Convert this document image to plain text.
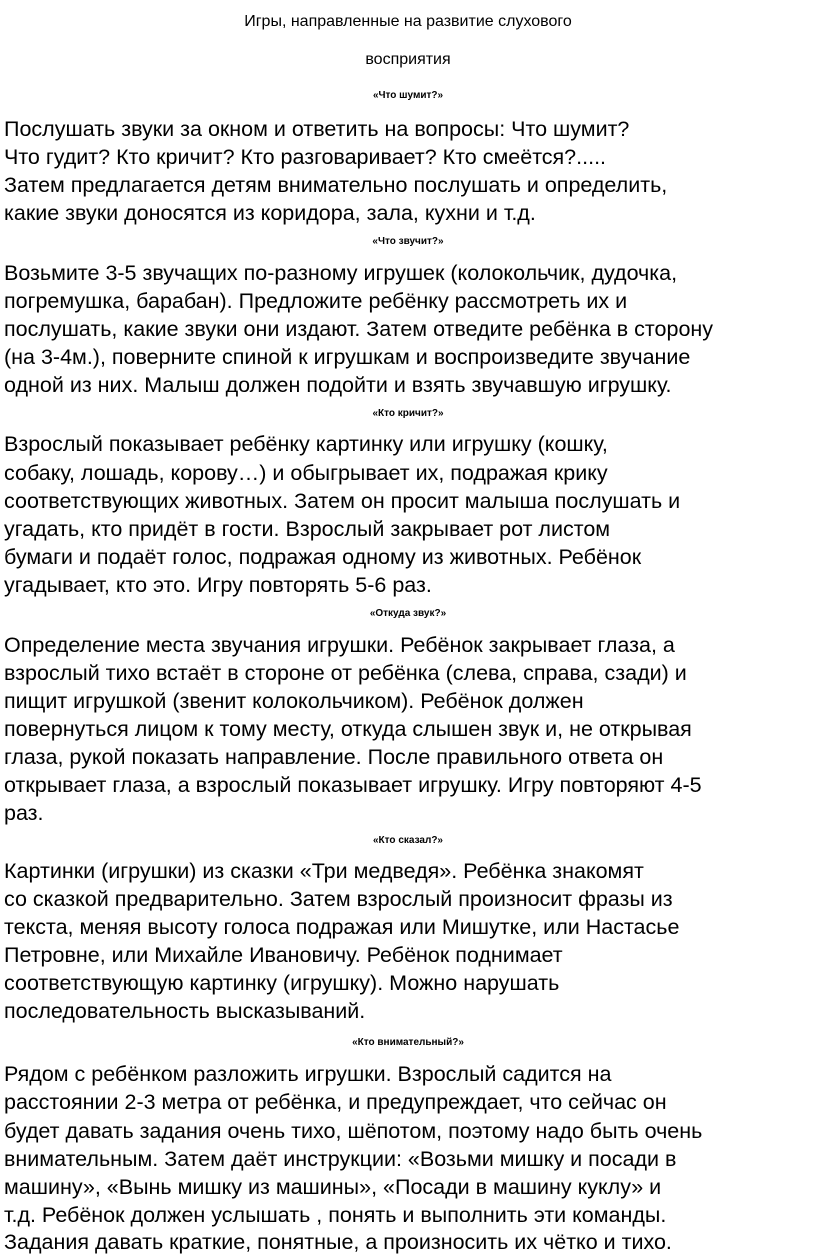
Игры, направленные на развитие слухового
восприятия
«Что шумит?»
Послушать звуки за окном и ответить на вопросы: Что шумит?
Что гудит? Кто кричит? Кто разговаривает? Кто смеётся?.....
Затем предлагается детям внимательно послушать и определить,
какие звуки доносятся из коридора, зала, кухни и т.д.
«Что звучит?»
Возьмите 3-5 звучащих по-разному игрушек (колокольчик, дудочка,
погремушка, барабан). Предложите ребёнку рассмотреть их и
послушать, какие звуки они издают. Затем отведите ребёнка в сторону
(на 3-4м.), поверните спиной к игрушкам и воспроизведите звучание
одной из них. Малыш должен подойти и взять звучавшую игрушку.
«Кто кричит?»
Взрослый показывает ребёнку картинку или игрушку (кошку,
собаку, лошадь, корову…) и обыгрывает их, подражая крику
соответствующих животных. Затем он просит малыша послушать и
угадать, кто придёт в гости. Взрослый закрывает рот листом
бумаги и подаёт голос, подражая одному из животных. Ребёнок
угадывает, кто это. Игру повторять 5-6 раз.
«Откуда звук?»
Определение места звучания игрушки. Ребёнок закрывает глаза, а
взрослый тихо встаёт в стороне от ребёнка (слева, справа, сзади) и
пищит игрушкой (звенит колокольчиком). Ребёнок должен
повернуться лицом к тому месту, откуда слышен звук и, не открывая
глаза, рукой показать направление. После правильного ответа он
открывает глаза, а взрослый показывает игрушку. Игру повторяют 4-5
раз.
«Кто сказал?»
Картинки (игрушки) из сказки «Три медведя». Ребёнка знакомят
со сказкой предварительно. Затем взрослый произносит фразы из
текста, меняя высоту голоса подражая или Мишутке, или Настасье
Петровне, или Михайле Ивановичу. Ребёнок поднимает
соответствующую картинку (игрушку). Можно нарушать
последовательность высказываний.
«Кто внимательный?»
Рядом с ребёнком разложить игрушки. Взрослый садится на
расстоянии 2-3 метра от ребёнка, и предупреждает, что сейчас он
будет давать задания очень тихо, шёпотом, поэтому надо быть очень
внимательным. Затем даёт инструкции: «Возьми мишку и посади в
машину», «Вынь мишку из машины», «Посади в машину куклу» и
т.д. Ребёнок должен услышать , понять и выполнить эти команды.
Задания давать краткие, понятные, а произносить их чётко и тихо.
